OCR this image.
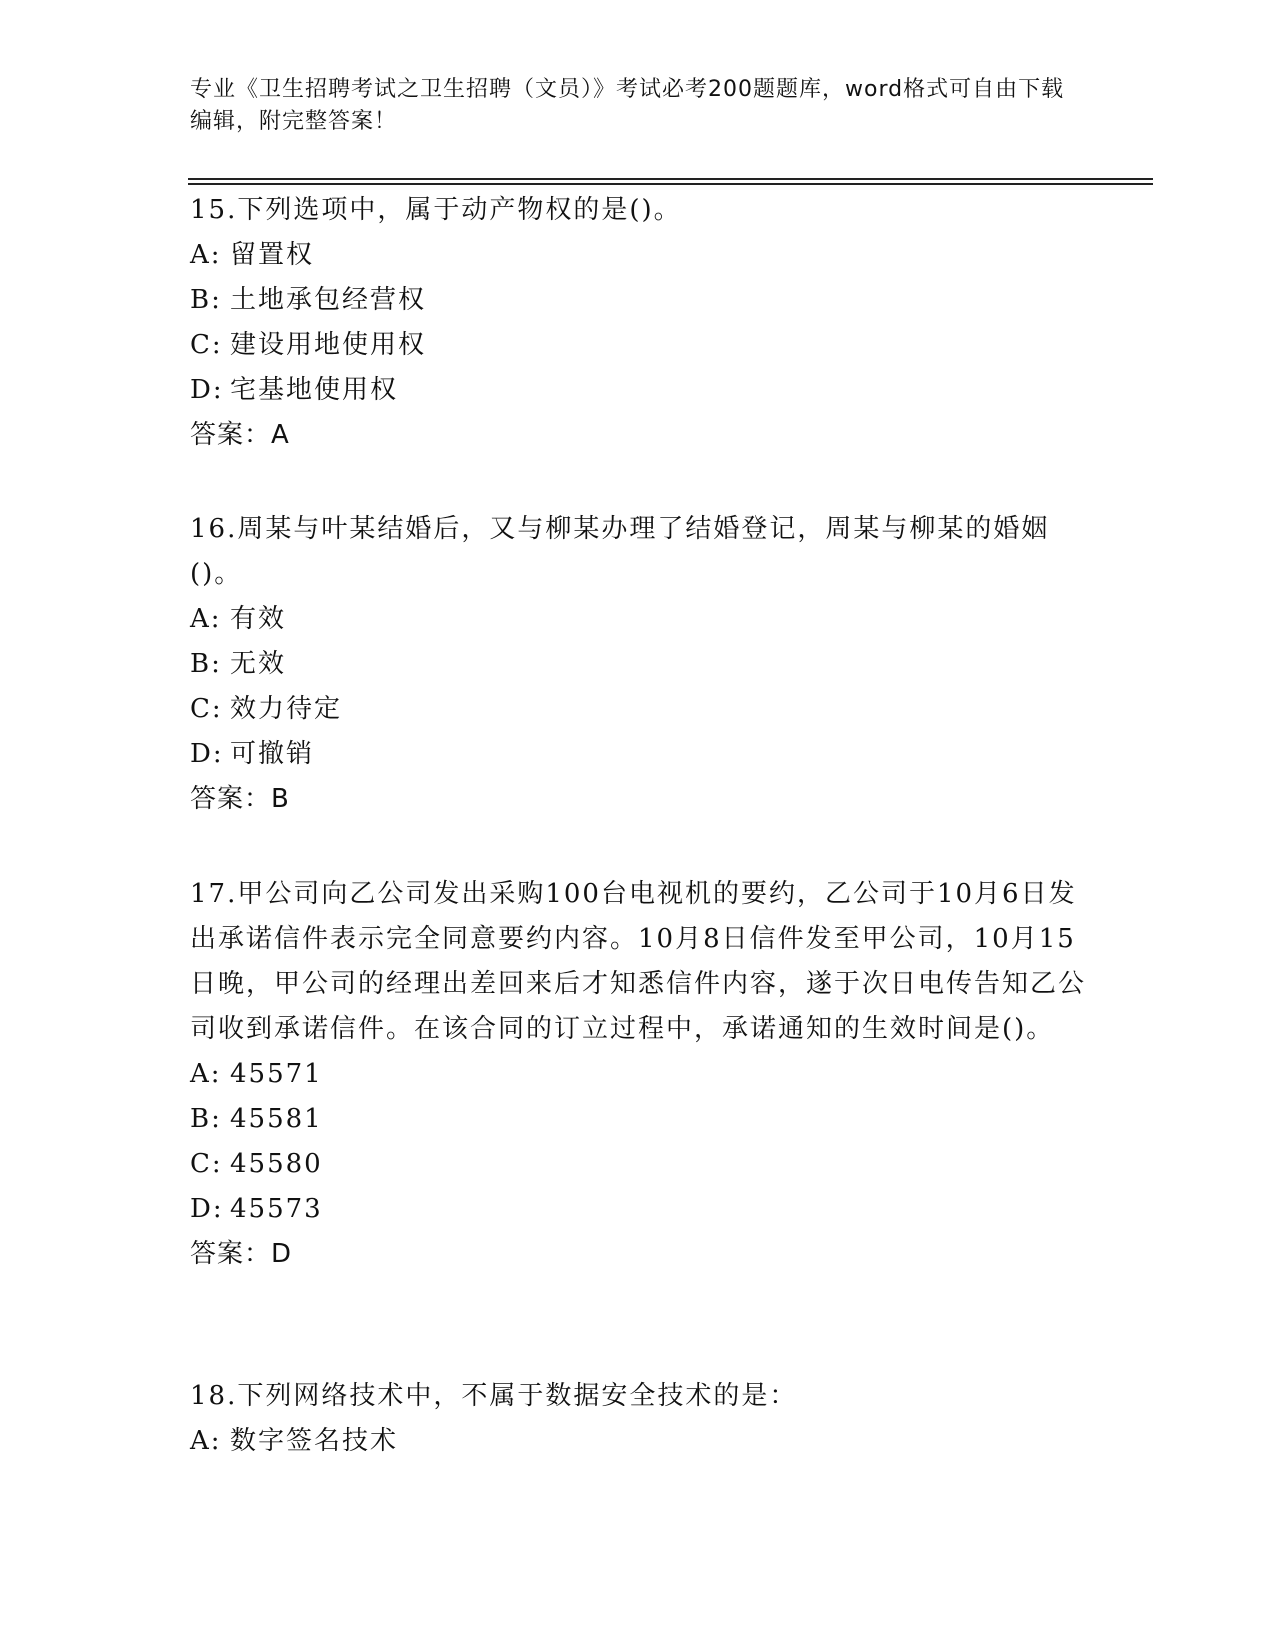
专业《卫生招聘考试之卫生招聘（文员）》考试必考200题题库，word格式可自由下载编辑，附完整答案！
15.下列选项中，属于动产物权的是()。
A: 留置权
B: 土地承包经营权
C: 建设用地使用权
D: 宅基地使用权
答案：A
16.周某与叶某结婚后，又与柳某办理了结婚登记，周某与柳某的婚姻()。
A: 有效
B: 无效
C: 效力待定
D: 可撤销
答案：B
17.甲公司向乙公司发出采购100台电视机的要约，乙公司于10月6日发出承诺信件表示完全同意要约内容。10月8日信件发至甲公司，10月15日晚，甲公司的经理出差回来后才知悉信件内容，遂于次日电传告知乙公司收到承诺信件。在该合同的订立过程中，承诺通知的生效时间是()。
A: 45571
B: 45581
C: 45580
D: 45573
答案：D
18.下列网络技术中，不属于数据安全技术的是：
A: 数字签名技术
